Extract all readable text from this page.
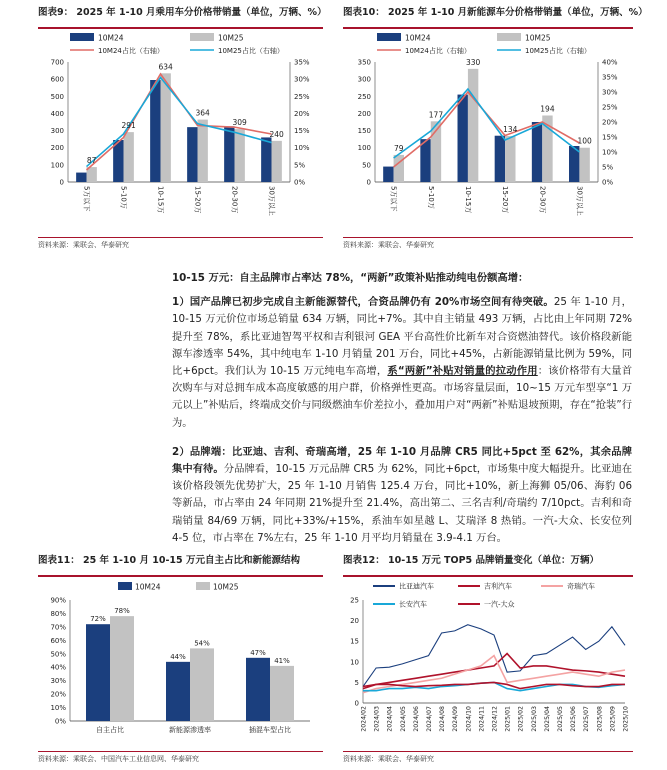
图表9： 2025 年 1-10 月乘用车分价格带销量（单位，万辆、%）
10M24	10M25
10M24占比（右轴）	10M25占比（右轴）
0
100
200
300
400
500
600
700
0%
5%
10%
15%
20%
25%
30%
35%
5万以下	5-10万	10-15万	15-20万	20-30万	30万以上
87
291
634
364
309
240
资料来源：乘联会、华泰研究
图表10： 2025 年 1-10 月新能源车分价格带销量（单位，万辆、%）
10M24	10M25
10M24占比（右轴）	10M25占比（右轴）
0
50
100
150
200
250
300
350
0%
5%
10%
15%
20%
25%
30%
35%
40%
5万以下	5-10万	10-15万	15-20万	20-30万	30万以上
79
177
330
134
194
100
资料来源：乘联会、华泰研究

10-15 万元：自主品牌市占率达 78%，“两新”政策补贴推动纯电份额高增：

1）国产品牌已初步完成自主新能源替代，合资品牌仍有 20%市场空间有待突破。25 年 1-10 月，10-15 万元价位市场总销量 634 万辆，同比+7%。其中自主销量 493 万辆，占比由上年同期 72%提升至 78%，系比亚迪智驾平权和吉利银河 GEA 平台高性价比新车对合资燃油替代。该价格段新能源车渗透率 54%，其中纯电车 1-10 月销量 201 万台，同比+45%，占新能源销量比例为 59%，同比+6pct。我们认为 10-15 万元纯电车高增，系“两新”补贴对销量的拉动作用：该价格带有大量首次购车与对总拥车成本高度敏感的用户群，价格弹性更高。市场容量层面，10~15 万元车型享“1 万元以上”补贴后，终端成交价与同级燃油车价差拉小，叠加用户对“两新”补贴退坡预期，存在“抢装”行为。

2）品牌端：比亚迪、吉利、奇瑞高增，25 年 1-10 月品牌 CR5 同比+5pct 至 62%，其余品牌集中有待。分品牌看，10-15 万元品牌 CR5 为 62%，同比+6pct，市场集中度大幅提升。比亚迪在该价格段领先优势扩大，25 年 1-10 月销售 125.4 万台，同比+10%，新上海狮 05/06、海豹 06 等新品，市占率由 24 年同期 21%提升至 21.4%，高出第二、三名吉利/奇瑞约 7/10pct。吉利和奇瑞销量 84/69 万辆，同比+33%/+15%，系油车如星越 L、艾瑞泽 8 热销。一汽-大众、长安位列 4-5 位，市占率在 7%左右，25 年 1-10 月平均月销量在 3.9-4.1 万台。

图表11： 25 年 1-10 月 10-15 万元自主占比和新能源结构
10M24	10M25
0%
10%
20%
30%
40%
50%
60%
70%
80%
90%
72%
78%
自主占比
44%
54%
新能源渗透率
47%
41%
插混车型占比
资料来源：乘联会、中国汽车工业信息网、华泰研究
图表12： 10-15 万元 TOP5 品牌销量变化（单位：万辆）
比亚迪汽车	吉利汽车	奇瑞汽车
长安汽车	一汽-大众
0
5
10
15
20
25
2024/02 2024/03 2024/04 2024/05 2024/06 2024/07 2024/08 2024/09 2024/10 2024/11 2024/12 2025/01 2025/02 2025/03 2025/04 2025/05 2025/06 2025/07 2025/08 2025/09 2025/10
资料来源：乘联会、华泰研究
